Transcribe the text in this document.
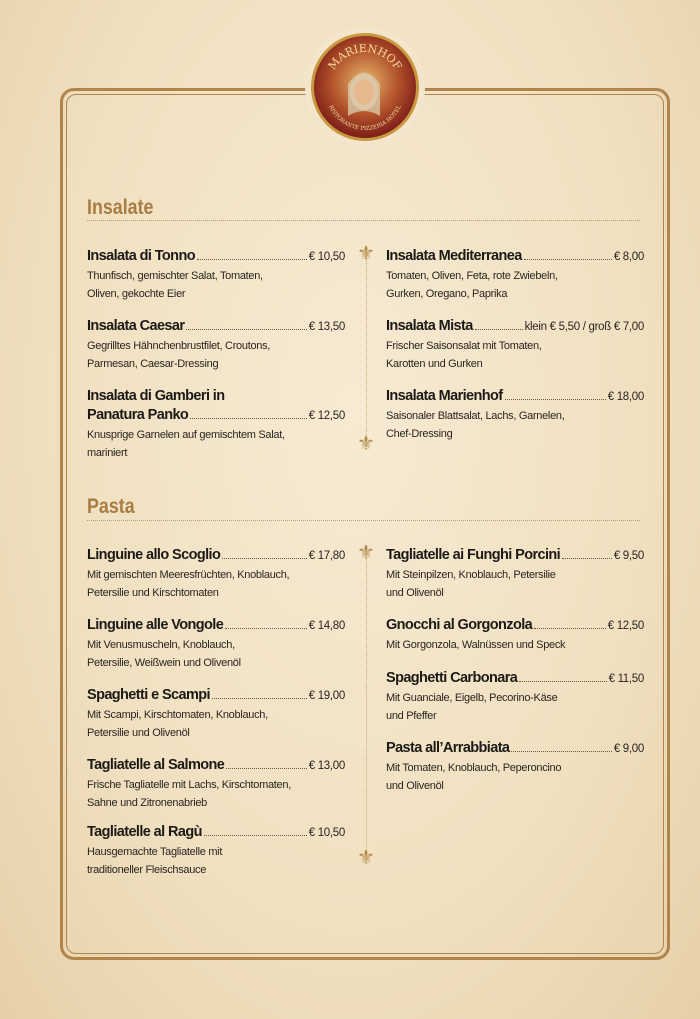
MARIENHOF
RISTORANTE PIZZERIA HOTEL
Insalate
⚜
⚜
Insalata di Tonno	€ 10,50
Thunfisch, gemischter Salat, Tomaten,
Oliven, gekochte Eier
Insalata Caesar	€ 13,50
Gegrilltes Hähnchenbrustfilet, Croutons,
Parmesan, Caesar-Dressing
Insalata di Gamberi in
Panatura Panko	€ 12,50
Knusprige Garnelen auf gemischtem Salat,
mariniert
Insalata Mediterranea	€ 8,00
Tomaten, Oliven, Feta, rote Zwiebeln,
Gurken, Oregano, Paprika
Insalata Mista	klein € 5,50 / groß € 7,00
Frischer Saisonsalat mit Tomaten,
Karotten und Gurken
Insalata Marienhof	€ 18,00
Saisonaler Blattsalat, Lachs, Garnelen,
Chef-Dressing
Pasta
⚜
⚜
Linguine allo Scoglio	€ 17,80
Mit gemischten Meeresfrüchten, Knoblauch,
Petersilie und Kirschtomaten
Linguine alle Vongole	€ 14,80
Mit Venusmuscheln, Knoblauch,
Petersilie, Weißwein und Olivenöl
Spaghetti e Scampi	€ 19,00
Mit Scampi, Kirschtomaten, Knoblauch,
Petersilie und Olivenöl
Tagliatelle al Salmone	€ 13,00
Frische Tagliatelle mit Lachs, Kirschtomaten,
Sahne und Zitronenabrieb
Tagliatelle al Ragù	€ 10,50
Hausgemachte Tagliatelle mit
traditioneller Fleischsauce
Tagliatelle ai Funghi Porcini	€ 9,50
Mit Steinpilzen, Knoblauch, Petersilie
und Olivenöl
Gnocchi al Gorgonzola	€ 12,50
Mit Gorgonzola, Walnüssen und Speck
Spaghetti Carbonara	€ 11,50
Mit Guanciale, Eigelb, Pecorino-Käse
und Pfeffer
Pasta all’Arrabbiata	€ 9,00
Mit Tomaten, Knoblauch, Peperoncino
und Olivenöl
